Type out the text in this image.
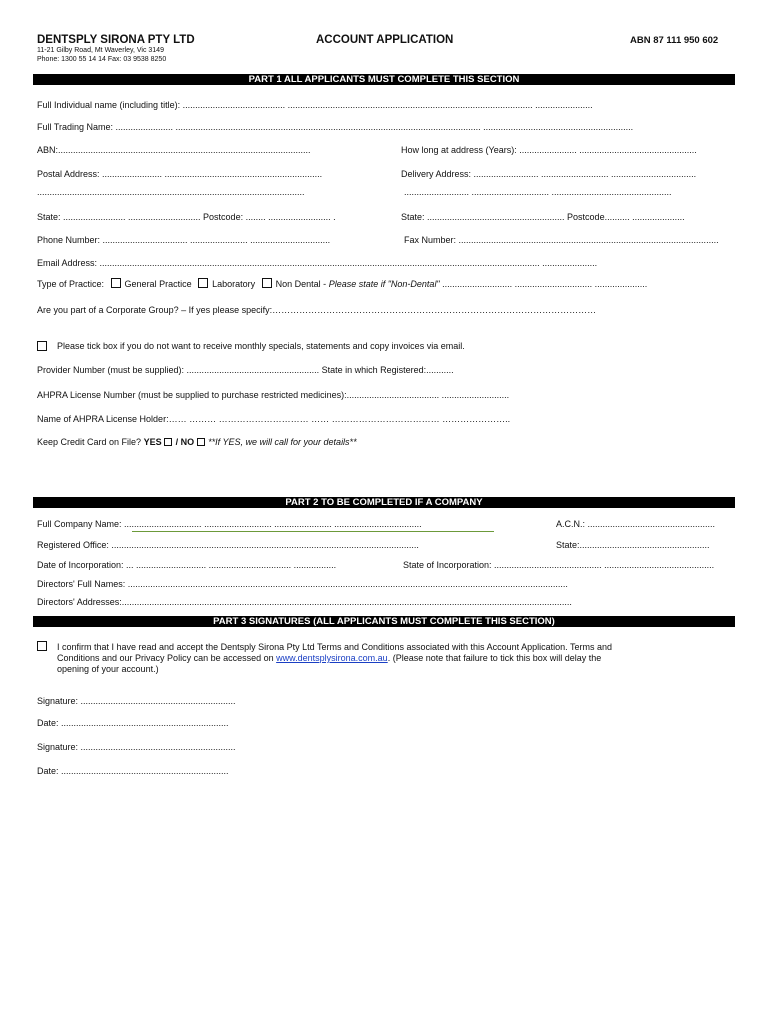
DENTSPLY SIRONA PTY LTD
11-21 Gilby Road, Mt Waverley, Vic 3149
Phone: 1300 55 14 14 Fax: 03 9538 8250
ACCOUNT APPLICATION	ABN 87 111 950 602
PART 1 ALL APPLICANTS MUST COMPLETE THIS SECTION
Full Individual name (including title): ......................................... .................................................................................................. .......................
Full Trading Name: ....................... .......................................................................................................................... ............................................................
ABN:.....................................................................................................	How long at address (Years): ....................... ...............................................
Postal Address: ........................ ...............................................................	Delivery Address: .......................... ........................... ..................................
...........................................................................................................	.......................... ............................... ................................................
State: ......................... ............................. Postcode: ........ ......................... .	State: ....................................................... Postcode.......... .....................
Phone Number: .................................. ....................... ................................	Fax Number: ........................................................................................................
Email Address: ................................................................................................................................................................................ ......................
Type of Practice: General Practice Laboratory Non Dental - Please state if "Non-Dental" ............................ ............................... .....................
Are you part of a Corporate Group? – If yes please specify:………………………………………………………………………………………………
Please tick box if you do not want to receive monthly specials, statements and copy invoices via email.
Provider Number (must be supplied): ..................................................... State in which Registered:...........
AHPRA License Number (must be supplied to purchase restricted medicines):..................................... ...........................
Name of AHPRA License Holder:…… ……… ………………………… …… ……………………………… …………………..
Keep Credit Card on File? YES / NO **If YES, we will call for your details**
PART 2 TO BE COMPLETED IF A COMPANY
Full Company Name: ............................... ........................... ....................... ...................................	A.C.N.: ...................................................
Registered Office: ...........................................................................................................................	State:....................................................
Date of Incorporation: ... ............................ ................................. .................	State of Incorporation: ........................................... ............................................
Directors' Full Names: ................................................................................................................................................................................
Directors' Addresses:....................................................................................................................................................................................
PART 3 SIGNATURES (ALL APPLICANTS MUST COMPLETE THIS SECTION)
I confirm that I have read and accept the Dentsply Sirona Pty Ltd Terms and Conditions associated with this Account Application. Terms and
Conditions and our Privacy Policy can be accessed on www.dentsplysirona.com.au. (Please note that failure to tick this box will delay the
opening of your account.)
Signature: ..............................................................
Date: ...................................................................
Signature: ..............................................................
Date: ...................................................................
